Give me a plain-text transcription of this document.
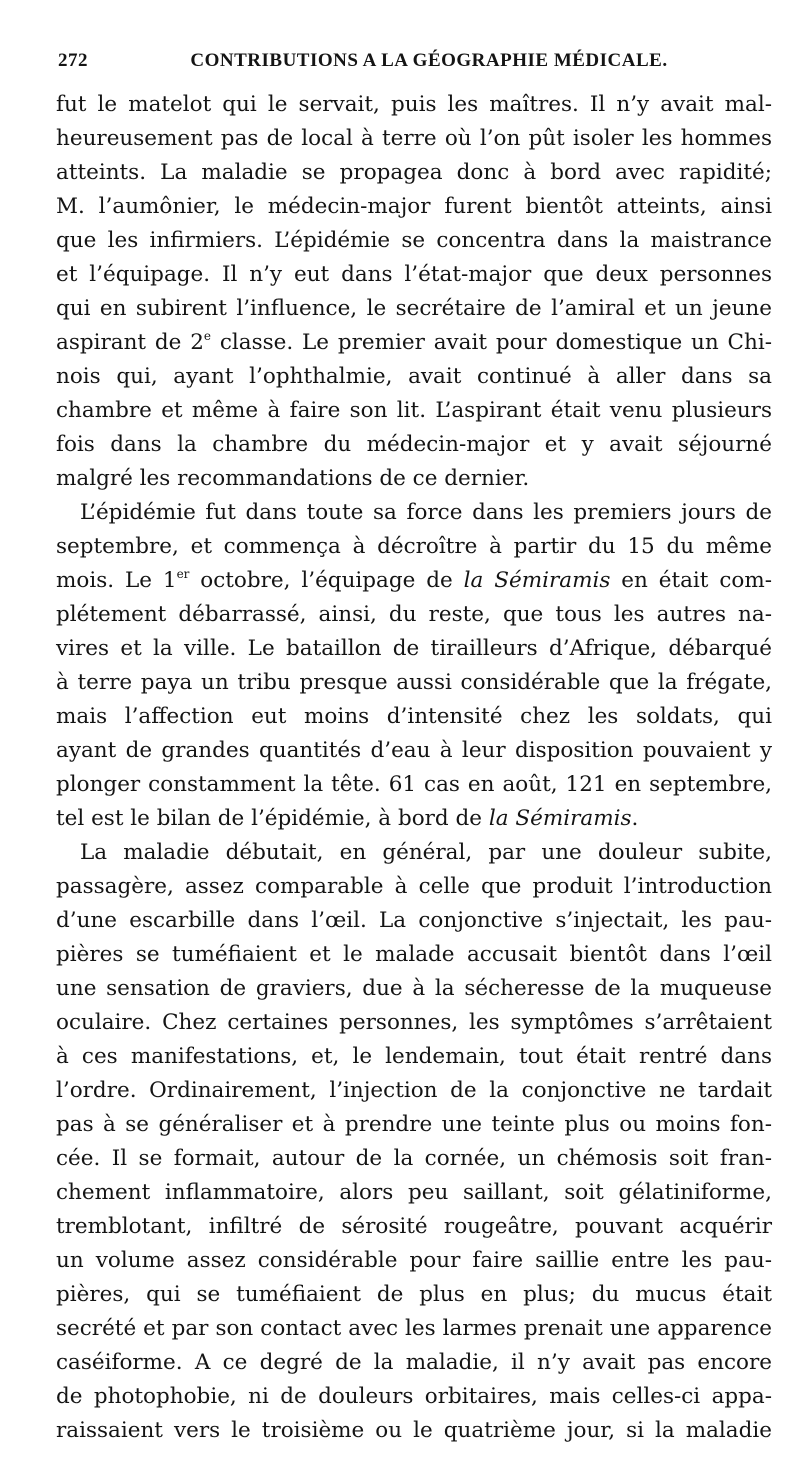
272	CONTRIBUTIONS A LA GÉOGRAPHIE MÉDICALE.
fut le matelot qui le servait, puis les maîtres. Il n’y avait mal-
heureusement pas de local à terre où l’on pût isoler les hommes
atteints. La maladie se propagea donc à bord avec rapidité;
M. l’aumônier, le médecin-major furent bientôt atteints, ainsi
que les infirmiers. L’épidémie se concentra dans la maistrance
et l’équipage. Il n’y eut dans l’état-major que deux personnes
qui en subirent l’influence, le secrétaire de l’amiral et un jeune
aspirant de 2e classe. Le premier avait pour domestique un Chi-
nois qui, ayant l’ophthalmie, avait continué à aller dans sa
chambre et même à faire son lit. L’aspirant était venu plusieurs
fois dans la chambre du médecin-major et y avait séjourné
malgré les recommandations de ce dernier.
L’épidémie fut dans toute sa force dans les premiers jours de
septembre, et commença à décroître à partir du 15 du même
mois. Le 1er octobre, l’équipage de la Sémiramis en était com-
plétement débarrassé, ainsi, du reste, que tous les autres na-
vires et la ville. Le bataillon de tirailleurs d’Afrique, débarqué
à terre paya un tribu presque aussi considérable que la frégate,
mais l’affection eut moins d’intensité chez les soldats, qui
ayant de grandes quantités d’eau à leur disposition pouvaient y
plonger constamment la tête. 61 cas en août, 121 en septembre,
tel est le bilan de l’épidémie, à bord de la Sémiramis.
La maladie débutait, en général, par une douleur subite,
passagère, assez comparable à celle que produit l’introduction
d’une escarbille dans l’œil. La conjonctive s’injectait, les pau-
pières se tuméfiaient et le malade accusait bientôt dans l’œil
une sensation de graviers, due à la sécheresse de la muqueuse
oculaire. Chez certaines personnes, les symptômes s’arrêtaient
à ces manifestations, et, le lendemain, tout était rentré dans
l’ordre. Ordinairement, l’injection de la conjonctive ne tardait
pas à se généraliser et à prendre une teinte plus ou moins fon-
cée. Il se formait, autour de la cornée, un chémosis soit fran-
chement inflammatoire, alors peu saillant, soit gélatiniforme,
tremblotant, infiltré de sérosité rougeâtre, pouvant acquérir
un volume assez considérable pour faire saillie entre les pau-
pières, qui se tuméfiaient de plus en plus; du mucus était
secrété et par son contact avec les larmes prenait une apparence
caséiforme. A ce degré de la maladie, il n’y avait pas encore
de photophobie, ni de douleurs orbitaires, mais celles-ci appa-
raissaient vers le troisième ou le quatrième jour, si la maladie
